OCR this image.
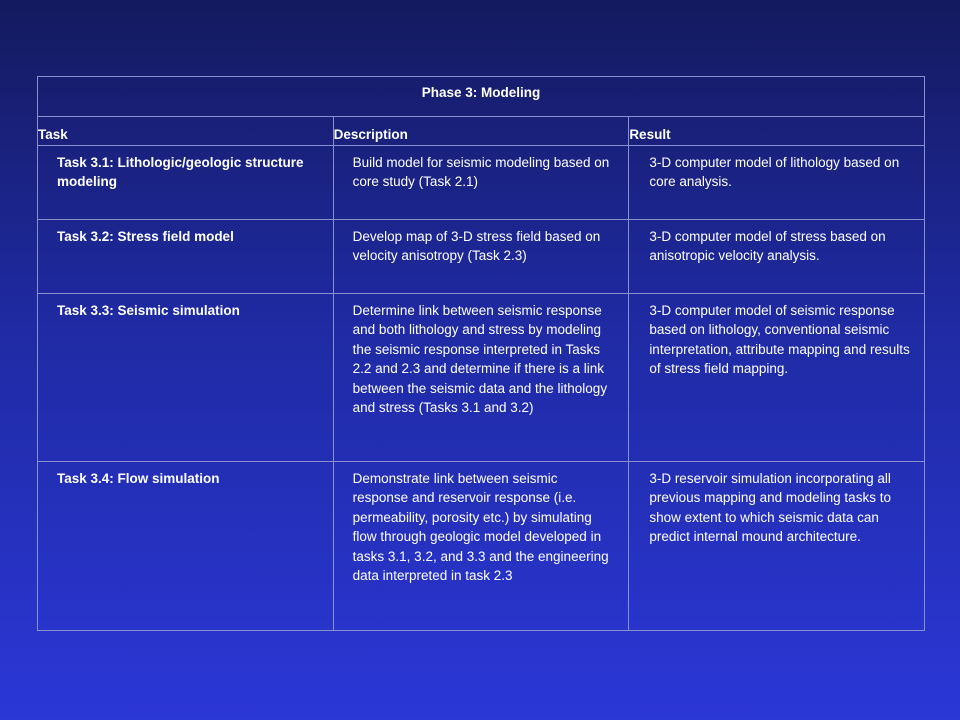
Phase 3: Modeling		
Task	Description	Result
Task 3.1: Lithologic/geologic structure modeling	Build model for seismic modeling based on core study (Task 2.1)	3-D computer model of lithology based on core analysis.
Task 3.2: Stress field model	Develop map of 3-D stress field based on velocity anisotropy (Task 2.3)	3-D computer model of stress based on anisotropic velocity analysis.
Task 3.3: Seismic simulation	Determine link between seismic response and both lithology and stress by modeling the seismic response interpreted in Tasks 2.2 and 2.3 and determine if there is a link between the seismic data and the lithology and stress (Tasks 3.1 and 3.2)	3-D computer model of seismic response based on lithology, conventional seismic interpretation, attribute mapping and results of stress field mapping.
Task 3.4: Flow simulation	Demonstrate link between seismic response and reservoir response (i.e. permeability, porosity etc.) by simulating flow through geologic model developed in tasks 3.1, 3.2, and 3.3 and the engineering data interpreted in task 2.3	3-D reservoir simulation incorporating all previous mapping and modeling tasks to show extent to which seismic data can predict internal mound architecture.
